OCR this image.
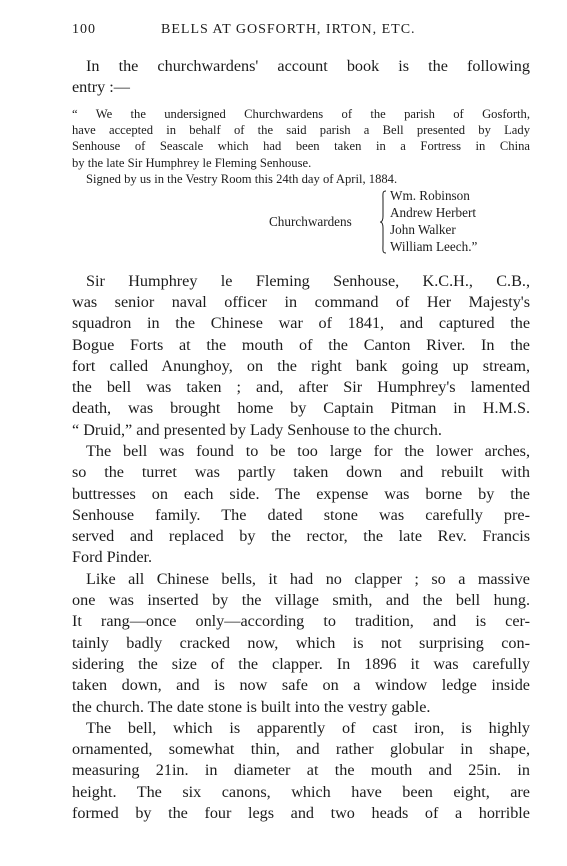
100	BELLS AT GOSFORTH, IRTON, ETC.

In the churchwardens' account book is the following
entry :—

“ We the undersigned Churchwardens of the parish of Gosforth,
have accepted in behalf of the said parish a Bell presented by Lady
Senhouse of Seascale which had been taken in a Fortress in China
by the late Sir Humphrey le Fleming Senhouse.
Signed by us in the Vestry Room this 24th day of April, 1884.
Churchwardens
Wm. Robinson
Andrew Herbert
John Walker
William Leech.”

Sir Humphrey le Fleming Senhouse, K.C.H., C.B.,
was senior naval officer in command of Her Majesty's
squadron in the Chinese war of 1841, and captured the
Bogue Forts at the mouth of the Canton River. In the
fort called Anunghoy, on the right bank going up stream,
the bell was taken ; and, after Sir Humphrey's lamented
death, was brought home by Captain Pitman in H.M.S.
“ Druid,” and presented by Lady Senhouse to the church.

The bell was found to be too large for the lower arches,
so the turret was partly taken down and rebuilt with
buttresses on each side. The expense was borne by the
Senhouse family. The dated stone was carefully pre-
served and replaced by the rector, the late Rev. Francis
Ford Pinder.

Like all Chinese bells, it had no clapper ; so a massive
one was inserted by the village smith, and the bell hung.
It rang—once only—according to tradition, and is cer-
tainly badly cracked now, which is not surprising con-
sidering the size of the clapper. In 1896 it was carefully
taken down, and is now safe on a window ledge inside
the church. The date stone is built into the vestry gable.

The bell, which is apparently of cast iron, is highly
ornamented, somewhat thin, and rather globular in shape,
measuring 21in. in diameter at the mouth and 25in. in
height. The six canons, which have been eight, are
formed by the four legs and two heads of a horrible
